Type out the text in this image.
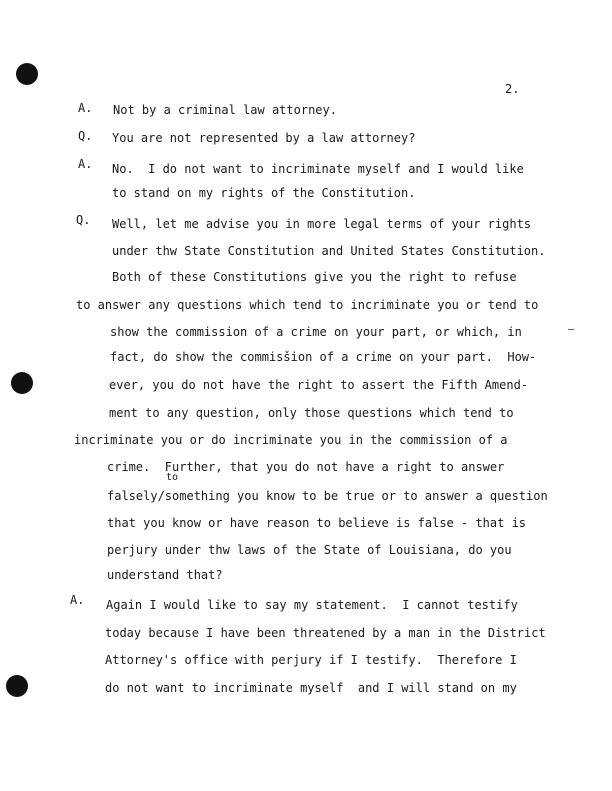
2.
A. Not by a criminal law attorney.
Q. You are not represented by a law attorney?
A. No.  I do not want to incriminate myself and I would like
to stand on my rights of the Constitution.
Q. Well, let me advise you in more legal terms of your rights
under thw State Constitution and United States Constitution.
Both of these Constitutions give you the right to refuse
to answer any questions which tend to incriminate you or tend to
show the commission of a crime on your part, or which, in
fact, do show the commisšion of a crime on your part.  How-
ever, you do not have the right to assert the Fifth Amend-
ment to any question, only those questions which tend to
incriminate you or do incriminate you in the commission of a
crime.  Further, that you do not have a right to answer
to
falsely/something you know to be true or to answer a question
that you know or have reason to believe is false - that is
perjury under thw laws of the State of Louisiana, do you
understand that?
A. Again I would like to say my statement.  I cannot testify
today because I have been threatened by a man in the District
Attorney's office with perjury if I testify.  Therefore I
do not want to incriminate myself  and I will stand on my
